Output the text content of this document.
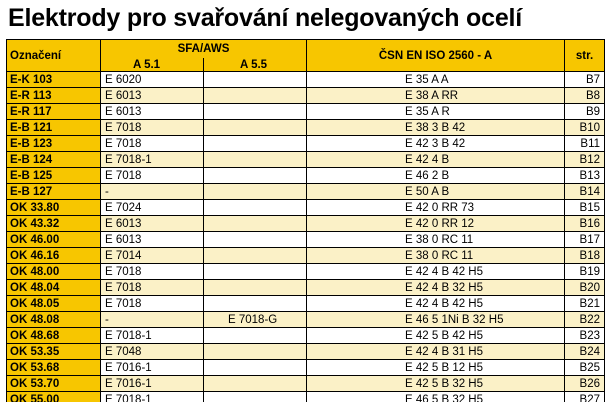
Elektrody pro svařování nelegovaných ocelí
Označení	SFA/AWS		ČSN EN ISO 2560 - A	str.
	A 5.1	A 5.5		
E-K 103	E 6020		E 35 A A	B7
E-R 113	E 6013		E 38 A RR	B8
E-R 117	E 6013		E 35 A R	B9
E-B 121	E 7018		E 38 3 B 42	B10
E-B 123	E 7018		E 42 3 B 42	B11
E-B 124	E 7018-1		E 42 4 B	B12
E-B 125	E 7018		E 46 2 B	B13
E-B 127	-		E 50 A B	B14
OK 33.80	E 7024		E 42 0 RR 73	B15
OK 43.32	E 6013		E 42 0 RR 12	B16
OK 46.00	E 6013		E 38 0 RC 11	B17
OK 46.16	E 7014		E 38 0 RC 11	B18
OK 48.00	E 7018		E 42 4 B 42 H5	B19
OK 48.04	E 7018		E 42 4 B 32 H5	B20
OK 48.05	E 7018		E 42 4 B 42 H5	B21
OK 48.08	-	E 7018-G	E 46 5 1Ni B 32 H5	B22
OK 48.68	E 7018-1		E 42 5 B 42 H5	B23
OK 53.35	E 7048		E 42 4 B 31 H5	B24
OK 53.68	E 7016-1		E 42 5 B 12 H5	B25
OK 53.70	E 7016-1		E 42 5 B 32 H5	B26
OK 55.00	E 7018-1		E 46 5 B 32 H5	B27
